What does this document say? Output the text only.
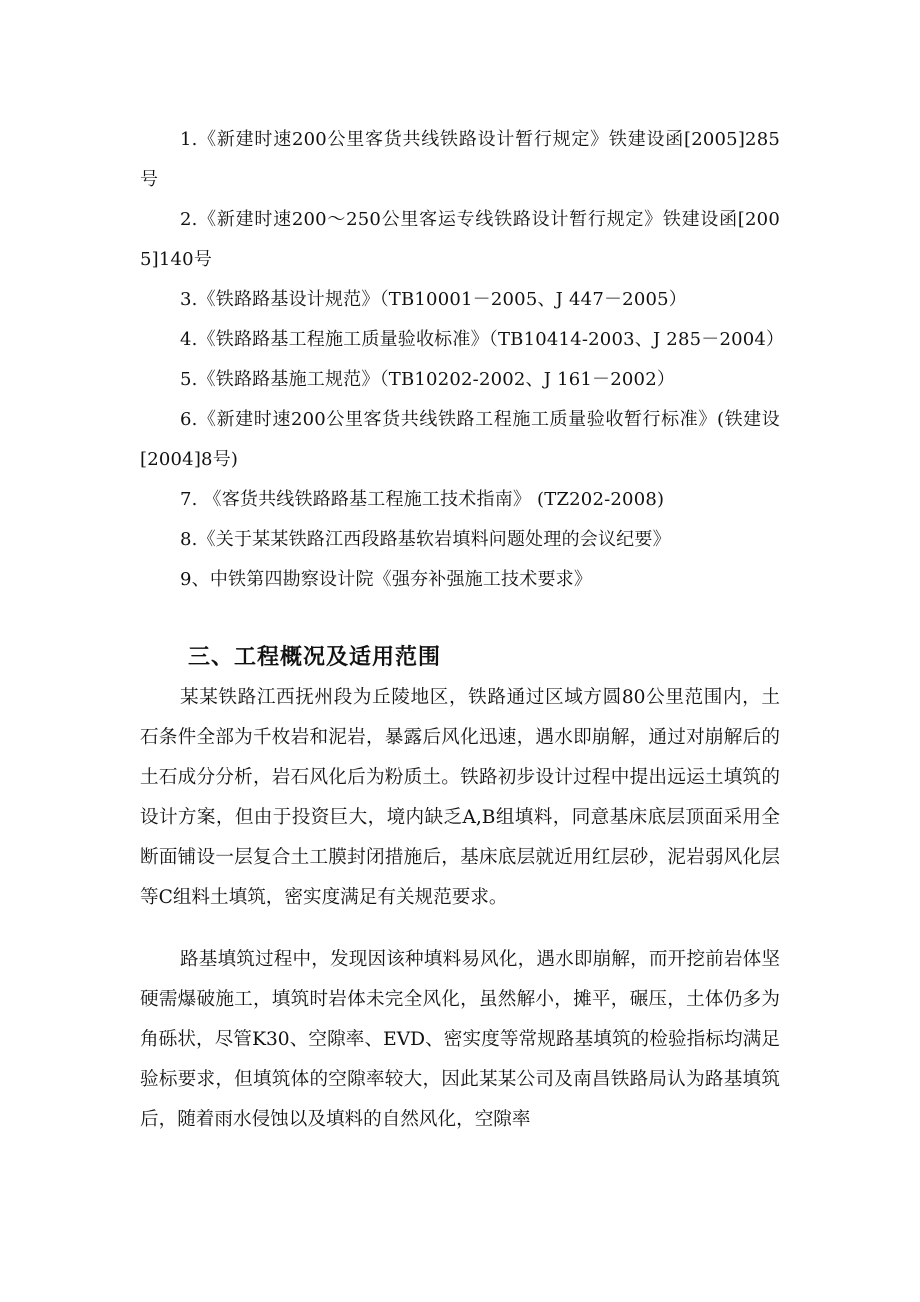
1.《新建时速200公里客货共线铁路设计暂行规定》铁建设函[2005]285号

2.《新建时速200～250公里客运专线铁路设计暂行规定》铁建设函[2005]140号

3.《铁路路基设计规范》（TB10001－2005、J 447－2005）

4.《铁路路基工程施工质量验收标准》（TB10414-2003、J 285－2004）

5.《铁路路基施工规范》（TB10202-2002、J 161－2002）

6.《新建时速200公里客货共线铁路工程施工质量验收暂行标准》(铁建设[2004]8号)

7. 《客货共线铁路路基工程施工技术指南》 (TZ202-2008)

8.《关于某某铁路江西段路基软岩填料问题处理的会议纪要》

9、中铁第四勘察设计院《强夯补强施工技术要求》

三、工程概况及适用范围

某某铁路江西抚州段为丘陵地区，铁路通过区域方圆80公里范围内，土石条件全部为千枚岩和泥岩，暴露后风化迅速，遇水即崩解，通过对崩解后的土石成分分析，岩石风化后为粉质土。铁路初步设计过程中提出远运土填筑的设计方案，但由于投资巨大，境内缺乏A,B组填料，同意基床底层顶面采用全断面铺设一层复合土工膜封闭措施后，基床底层就近用红层砂，泥岩弱风化层等C组料土填筑，密实度满足有关规范要求。

路基填筑过程中，发现因该种填料易风化，遇水即崩解，而开挖前岩体坚硬需爆破施工，填筑时岩体未完全风化，虽然解小，摊平，碾压，土体仍多为角砾状，尽管K30、空隙率、EVD、密实度等常规路基填筑的检验指标均满足验标要求，但填筑体的空隙率较大，因此某某公司及南昌铁路局认为路基填筑后，随着雨水侵蚀以及填料的自然风化，空隙率
